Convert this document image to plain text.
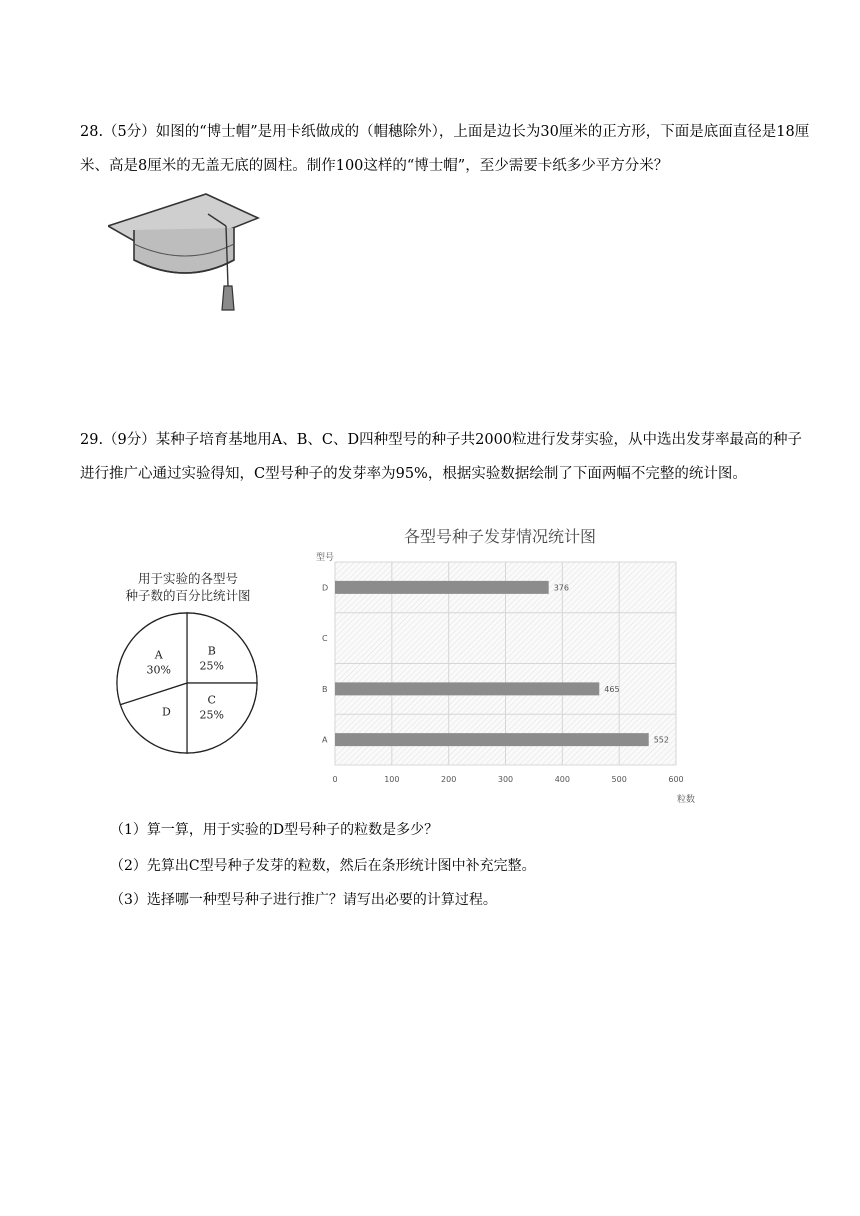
28.（5分）如图的“博士帽”是用卡纸做成的（帽穗除外），上面是边长为30厘米的正方形，下面是底面直径是18厘米、高是8厘米的无盖无底的圆柱。制作100这样的“博士帽”，至少需要卡纸多少平方分米？

29.（9分）某种子培育基地用A、B、C、D四种型号的种子共2000粒进行发芽实验，从中选出发芽率最高的种子进行推广心通过实验得知，C型号种子的发芽率为95%，根据实验数据绘制了下面两幅不完整的统计图。

用于实验的各型号
种子数的百分比统计图
B
25%
C
25%
D
A
30%
各型号种子发芽情况统计图
型号
0	100	200	300	400	500	600
D	376
C
B	465
A	552
粒数

（1）算一算，用于实验的D型号种子的粒数是多少？

（2）先算出C型号种子发芽的粒数，然后在条形统计图中补充完整。

（3）选择哪一种型号种子进行推广？请写出必要的计算过程。
